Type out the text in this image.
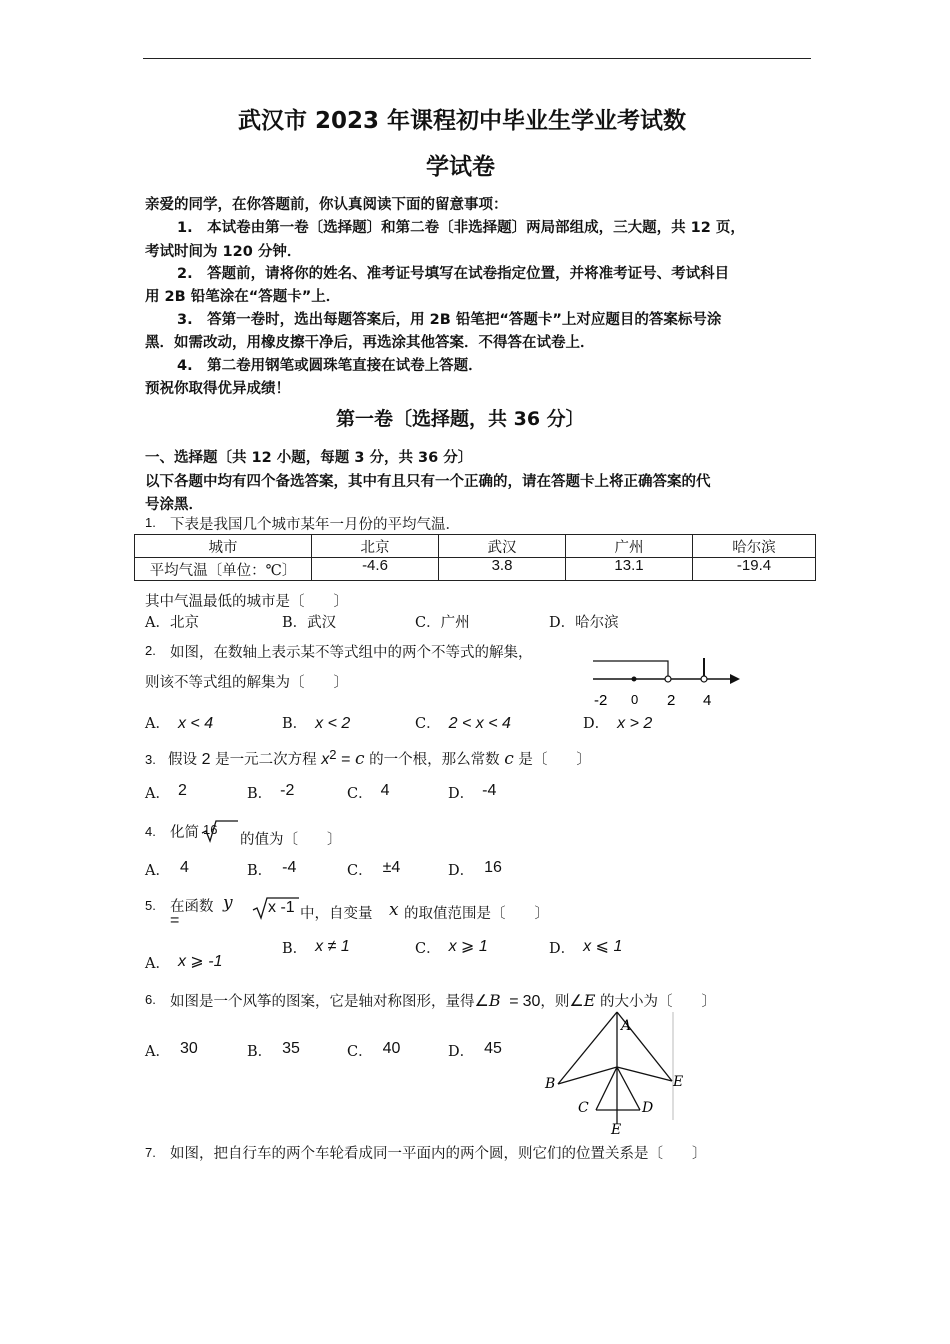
武汉市 2023 年课程初中毕业生学业考试数
学试卷
亲爱的同学，在你答题前，你认真阅读下面的留意事项：
1.　本试卷由第一卷〔选择题〕和第二卷〔非选择题〕两局部组成，三大题，共 12 页，
考试时间为 120 分钟．
2.　答题前，请将你的姓名、准考证号填写在试卷指定位置，并将准考证号、考试科目
用 2B 铅笔涂在“答题卡”上．
3.　答第一卷时，选出每题答案后，用 2B 铅笔把“答题卡”上对应题目的答案标号涂
黑．如需改动，用橡皮擦干净后，再选涂其他答案．不得答在试卷上．
4.　第二卷用钢笔或圆珠笔直接在试卷上答题．
预祝你取得优异成绩！
第一卷〔选择题，共 36 分〕
一、选择题〔共 12 小题，每题 3 分，共 36 分〕
以下各题中均有四个备选答案，其中有且只有一个正确的，请在答题卡上将正确答案的代
号涂黑．
1. 下表是我国几个城市某年一月份的平均气温．
城市	北京	武汉	广州	哈尔滨
平均气温〔单位：℃〕	-4.6	3.8	13.1	-19.4
其中气温最低的城市是〔　　〕
A．北京	B．武汉	C．广州	D．哈尔滨
2. 如图，在数轴上表示某不等式组中的两个不等式的解集，
则该不等式组的解集为〔　　〕
-2 0 2 4
A． x < 4	B． x < 2	C． 2 < x < 4	D． x > 2
3. 假设 2 是一元二次方程 x2 = c 的一个根，那么常数 c 是〔　　〕
A． 2	B． -2	C． 4	D． -4
4. 化简 16
的值为〔　　〕
A． 4	B． -4	C． ±4	D． 16
5. 在函数 y
=
x -1 中，自变量 x 的取值范围是〔　　〕
A． x ⩾ -1
B． x ≠ 1	C． x ⩾ 1	D． x ⩽ 1
6. 如图是一个风筝的图案，它是轴对称图形，量得∠B = 30，则∠E 的大小为〔　　〕
A． 30	B． 35	C． 40	D． 45
A
B	E
C	D
E
7. 如图，把自行车的两个车轮看成同一平面内的两个圆，则它们的位置关系是〔　　〕
